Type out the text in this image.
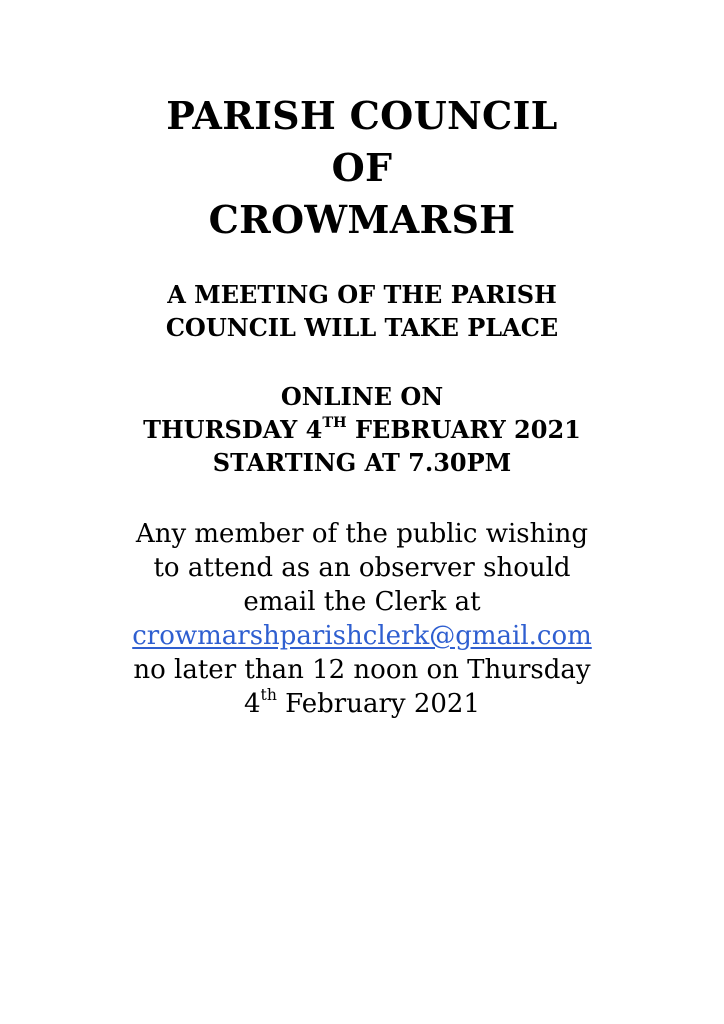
PARISH COUNCIL
OF
CROWMARSH
A MEETING OF THE PARISH
COUNCIL WILL TAKE PLACE
ONLINE ON
THURSDAY 4TH FEBRUARY 2021
STARTING AT 7.30PM
Any member of the public wishing
to attend as an observer should
email the Clerk at
crowmarshparishclerk@gmail.com
no later than 12 noon on Thursday
4th February 2021
